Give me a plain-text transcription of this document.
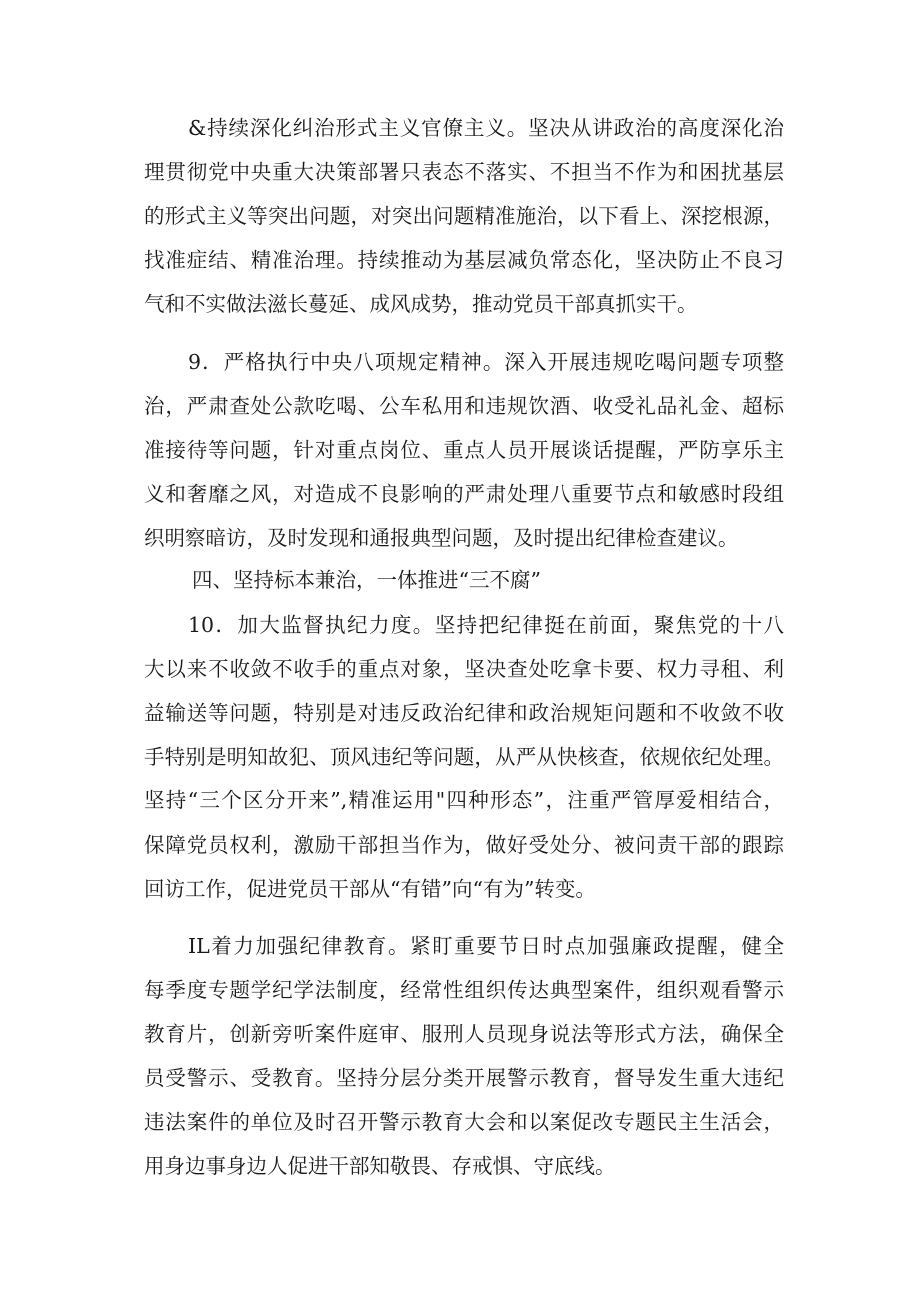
&持续深化纠治形式主义官僚主义。坚决从讲政治的高度深化治
理贯彻党中央重大决策部署只表态不落实、不担当不作为和困扰基层
的形式主义等突出问题，对突出问题精准施治，以下看上、深挖根源，
找准症结、精准治理。持续推动为基层减负常态化，坚决防止不良习
气和不实做法滋长蔓延、成风成势，推动党员干部真抓实干。
9．严格执行中央八项规定精神。深入开展违规吃喝问题专项整
治，严肃查处公款吃喝、公车私用和违规饮酒、收受礼品礼金、超标
准接待等问题，针对重点岗位、重点人员开展谈话提醒，严防享乐主
义和奢靡之风，对造成不良影响的严肃处理八重要节点和敏感时段组
织明察暗访，及时发现和通报典型问题，及时提出纪律检查建议。
四、坚持标本兼治，一体推进“三不腐”
10．加大监督执纪力度。坚持把纪律挺在前面，聚焦党的十八
大以来不收敛不收手的重点对象，坚决查处吃拿卡要、权力寻租、利
益输送等问题，特别是对违反政治纪律和政治规矩问题和不收敛不收
手特别是明知故犯、顶风违纪等问题，从严从快核查，依规依纪处理。
坚持“三个区分开来”,精准运用"四种形态”，注重严管厚爱相结合，
保障党员权利，激励干部担当作为，做好受处分、被问责干部的跟踪
回访工作，促进党员干部从“有错”向“有为”转变。
IL着力加强纪律教育。紧盯重要节日时点加强廉政提醒，健全
每季度专题学纪学法制度，经常性组织传达典型案件，组织观看警示
教育片，创新旁听案件庭审、服刑人员现身说法等形式方法，确保全
员受警示、受教育。坚持分层分类开展警示教育，督导发生重大违纪
违法案件的单位及时召开警示教育大会和以案促改专题民主生活会，
用身边事身边人促进干部知敬畏、存戒惧、守底线。
